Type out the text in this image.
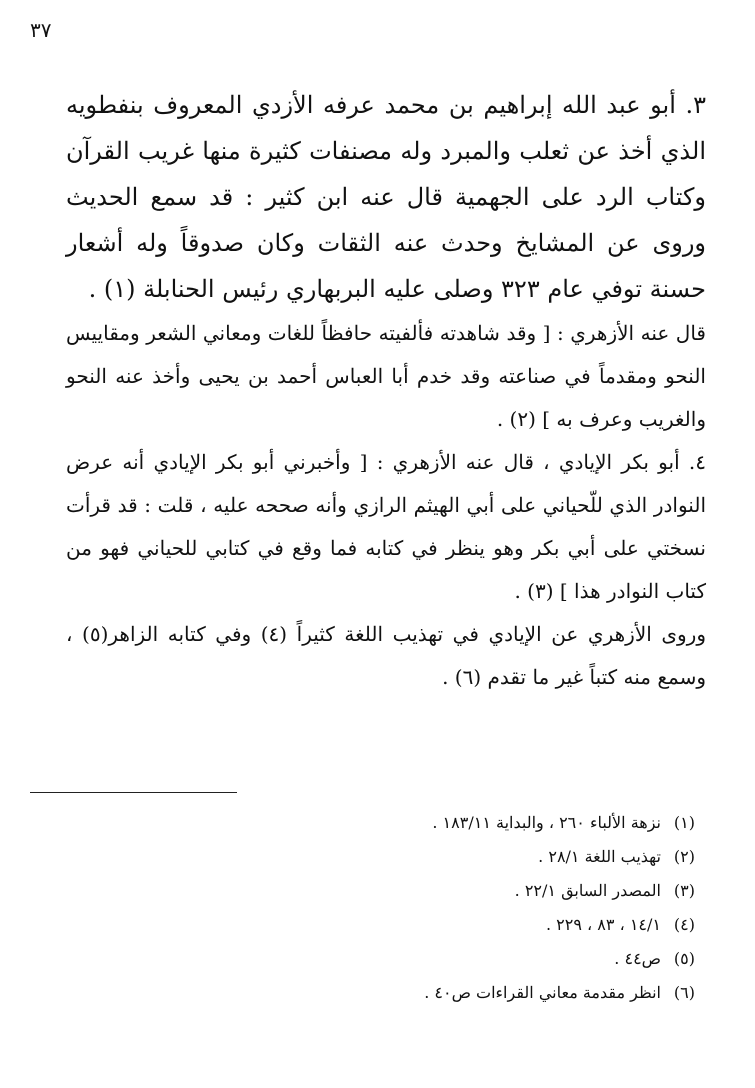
٣٧

٣. أبو عبد الله إبراهيم بن محمد عرفه الأزدي المعروف بنفطويه الذي أخذ عن ثعلب والمبرد وله مصنفات كثيرة منها غريب القرآن وكتاب الرد على الجهمية قال عنه ابن كثير : قد سمع الحديث وروى عن المشايخ وحدث عنه الثقات وكان صدوقاً وله أشعار حسنة توفي عام ٣٢٣ وصلى عليه البربهاري رئيس الحنابلة (١) .

قال عنه الأزهري : [ وقد شاهدته فألفيته حافظاً للغات ومعاني الشعر ومقاييس النحو ومقدماً في صناعته وقد خدم أبا العباس أحمد بن يحيى وأخذ عنه النحو والغريب وعرف به ] (٢) .

٤. أبو بكر الإيادي ، قال عنه الأزهري : [ وأخبرني أبو بكر الإيادي أنه عرض النوادر الذي للّحياني على أبي الهيثم الرازي وأنه صححه عليه ، قلت : قد قرأت نسختي على أبي بكر وهو ينظر في كتابه فما وقع في كتابي للحياني فهو من كتاب النوادر هذا ] (٣) .

وروى الأزهري عن الإيادي في تهذيب اللغة كثيراً (٤) وفي كتابه الزاهر(٥) ، وسمع منه كتباً غير ما تقدم (٦) .

(١)نزهة الألباء ٢٦٠ ، والبداية ١٨٣/١١ .

(٢)تهذيب اللغة ٢٨/١ .

(٣)المصدر السابق ٢٢/١ .

(٤)١٤/١ ، ٨٣ ، ٢٢٩ .

(٥)ص٤٤ .

(٦)انظر مقدمة معاني القراءات ص٤٠ .
